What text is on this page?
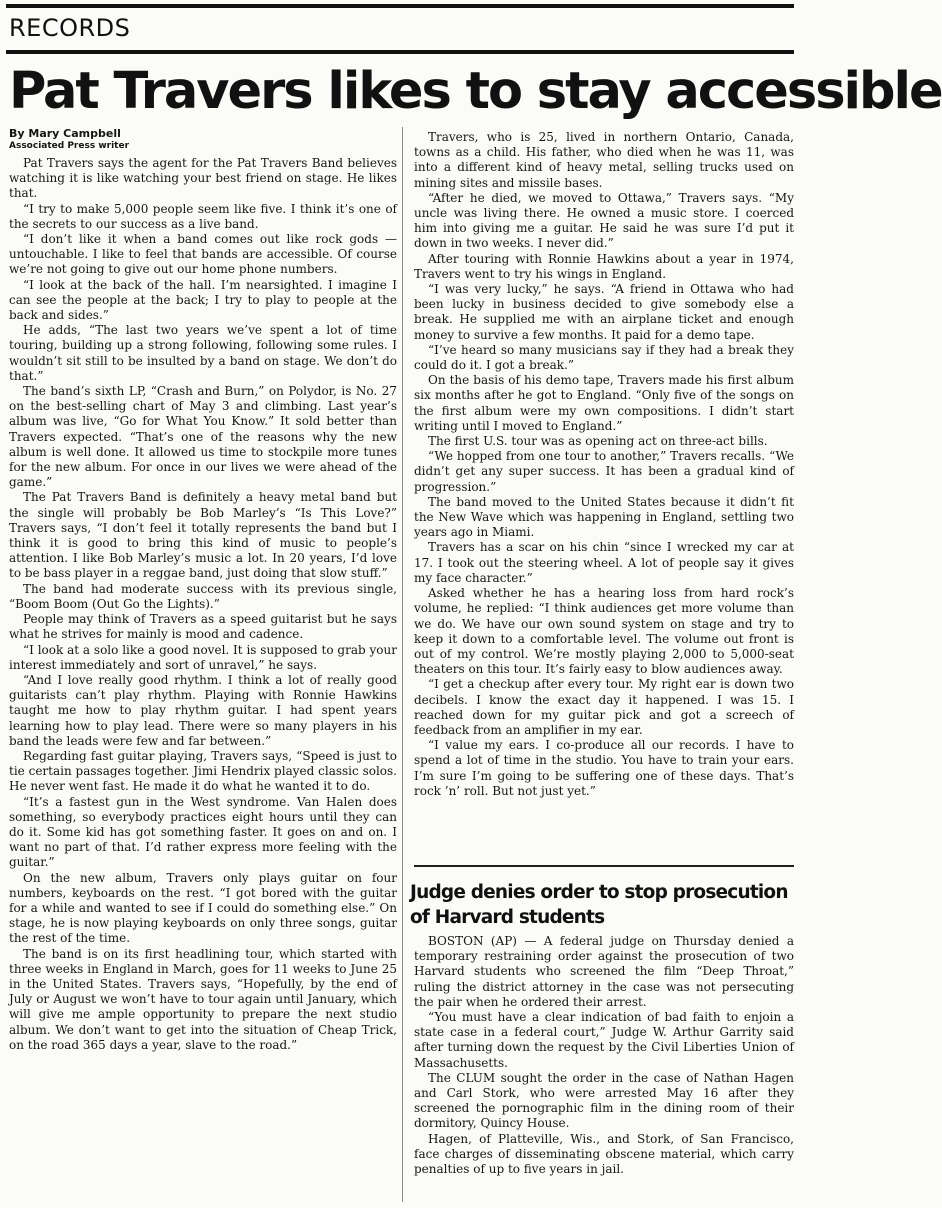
RECORDS
Pat Travers likes to stay accessible
By Mary Campbell
Associated Press writer

Pat Travers says the agent for the Pat Travers Band believes watching it is like watching your best friend on stage. He likes that.

“I try to make 5,000 people seem like five. I think it’s one of the secrets to our success as a live band.

“I don’t like it when a band comes out like rock gods — untouchable. I like to feel that bands are accessible. Of course we’re not going to give out our home phone numbers.

“I look at the back of the hall. I’m nearsighted. I imagine I can see the people at the back; I try to play to people at the back and sides.”

He adds, “The last two years we’ve spent a lot of time touring, building up a strong following, following some rules. I wouldn’t sit still to be insulted by a band on stage. We don’t do that.”

The band’s sixth LP, “Crash and Burn,” on Polydor, is No. 27 on the best-selling chart of May 3 and climbing. Last year’s album was live, “Go for What You Know.” It sold better than Travers expected. “That’s one of the reasons why the new album is well done. It allowed us time to stockpile more tunes for the new album. For once in our lives we were ahead of the game.”

The Pat Travers Band is definitely a heavy metal band but the single will probably be Bob Marley’s “Is This Love?” Travers says, “I don’t feel it totally represents the band but I think it is good to bring this kind of music to people’s attention. I like Bob Marley’s music a lot. In 20 years, I’d love to be bass player in a reggae band, just doing that slow stuff.”

The band had moderate success with its previous single, “Boom Boom (Out Go the Lights).”

People may think of Travers as a speed guitarist but he says what he strives for mainly is mood and cadence.

“I look at a solo like a good novel. It is supposed to grab your interest immediately and sort of unravel,” he says.

“And I love really good rhythm. I think a lot of really good guitarists can’t play rhythm. Playing with Ronnie Hawkins taught me how to play rhythm guitar. I had spent years learning how to play lead. There were so many players in his band the leads were few and far between.”

Regarding fast guitar playing, Travers says, “Speed is just to tie certain passages together. Jimi Hendrix played classic solos. He never went fast. He made it do what he wanted it to do.

“It’s a fastest gun in the West syndrome. Van Halen does something, so everybody practices eight hours until they can do it. Some kid has got something faster. It goes on and on. I want no part of that. I’d rather express more feeling with the guitar.”

On the new album, Travers only plays guitar on four numbers, keyboards on the rest. “I got bored with the guitar for a while and wanted to see if I could do something else.” On stage, he is now playing keyboards on only three songs, guitar the rest of the time.

The band is on its first headlining tour, which started with three weeks in England in March, goes for 11 weeks to June 25 in the United States. Travers says, “Hopefully, by the end of July or August we won’t have to tour again until January, which will give me ample opportunity to prepare the next studio album. We don’t want to get into the situation of Cheap Trick, on the road 365 days a year, slave to the road.”

Travers, who is 25, lived in northern Ontario, Canada, towns as a child. His father, who died when he was 11, was into a different kind of heavy metal, selling trucks used on mining sites and missile bases.

“After he died, we moved to Ottawa,” Travers says. “My uncle was living there. He owned a music store. I coerced him into giving me a guitar. He said he was sure I’d put it down in two weeks. I never did.”

After touring with Ronnie Hawkins about a year in 1974, Travers went to try his wings in England.

“I was very lucky,” he says. “A friend in Ottawa who had been lucky in business decided to give somebody else a break. He supplied me with an airplane ticket and enough money to survive a few months. It paid for a demo tape.

“I’ve heard so many musicians say if they had a break they could do it. I got a break.”

On the basis of his demo tape, Travers made his first album six months after he got to England. “Only five of the songs on the first album were my own compositions. I didn’t start writing until I moved to England.”

The first U.S. tour was as opening act on three-act bills.

“We hopped from one tour to another,” Travers recalls. “We didn’t get any super success. It has been a gradual kind of progression.”

The band moved to the United States because it didn’t fit the New Wave which was happening in England, settling two years ago in Miami.

Travers has a scar on his chin “since I wrecked my car at 17. I took out the steering wheel. A lot of people say it gives my face character.”

Asked whether he has a hearing loss from hard rock’s volume, he replied: “I think audiences get more volume than we do. We have our own sound system on stage and try to keep it down to a comfortable level. The volume out front is out of my control. We’re mostly playing 2,000 to 5,000-seat theaters on this tour. It’s fairly easy to blow audiences away.

“I get a checkup after every tour. My right ear is down two decibels. I know the exact day it happened. I was 15. I reached down for my guitar pick and got a screech of feedback from an amplifier in my ear.

“I value my ears. I co-produce all our records. I have to spend a lot of time in the studio. You have to train your ears. I’m sure I’m going to be suffering one of these days. That’s rock ’n’ roll. But not just yet.”

Judge denies order to stop prosecution of Harvard students

BOSTON (AP) — A federal judge on Thursday denied a temporary restraining order against the prosecution of two Harvard students who screened the film “Deep Throat,” ruling the district attorney in the case was not persecuting the pair when he ordered their arrest.

“You must have a clear indication of bad faith to enjoin a state case in a federal court,” Judge W. Arthur Garrity said after turning down the request by the Civil Liberties Union of Massachusetts.

The CLUM sought the order in the case of Nathan Hagen and Carl Stork, who were arrested May 16 after they screened the pornographic film in the dining room of their dormitory, Quincy House.

Hagen, of Platteville, Wis., and Stork, of San Francisco, face charges of disseminating obscene material, which carry penalties of up to five years in jail.
